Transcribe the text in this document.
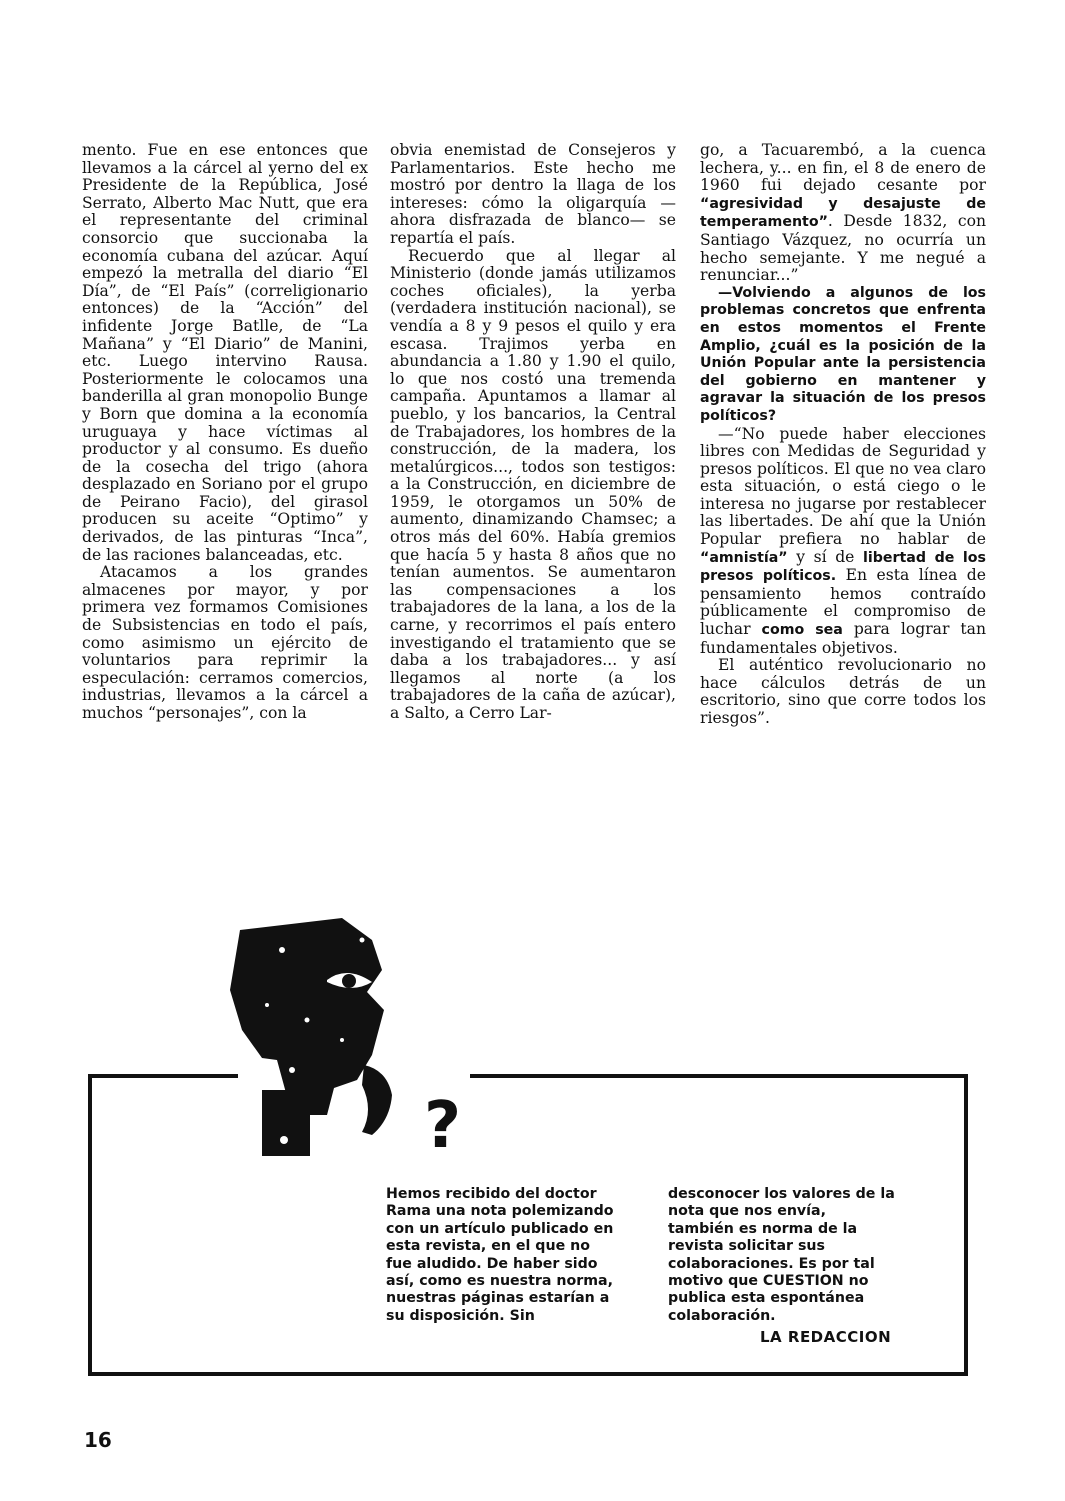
mento. Fue en ese entonces que llevamos a la cárcel al yerno del ex Presidente de la República, José Serrato, Alberto Mac Nutt, que era el representante del criminal consorcio que succionaba la economía cubana del azúcar. Aquí empezó la metralla del diario “El Día”, de “El País” (correligionario entonces) de la “Acción” del infidente Jorge Batlle, de “La Mañana” y “El Diario” de Manini, etc. Luego intervino Rausa. Posteriormente le colocamos una banderilla al gran monopolio Bunge y Born que domina a la economía uruguaya y hace víctimas al productor y al consumo. Es dueño de la cosecha del trigo (ahora desplazado en Soriano por el grupo de Peirano Facio), del girasol producen su aceite “Optimo” y derivados, de las pinturas “Inca”, de las raciones balanceadas, etc.

Atacamos a los grandes almacenes por mayor, y por primera vez formamos Comisiones de Subsistencias en todo el país, como asimismo un ejército de voluntarios para reprimir la especulación: cerramos comercios, industrias, llevamos a la cárcel a muchos “personajes”, con la

obvia enemistad de Consejeros y Parlamentarios. Este hecho me mostró por dentro la llaga de los intereses: cómo la oligarquía —ahora disfrazada de blanco— se repartía el país.

Recuerdo que al llegar al Ministerio (donde jamás utilizamos coches oficiales), la yerba (verdadera institución nacional), se vendía a 8 y 9 pesos el quilo y era escasa. Trajimos yerba en abundancia a 1.80 y 1.90 el quilo, lo que nos costó una tremenda campaña. Apuntamos a llamar al pueblo, y los bancarios, la Central de Trabajadores, los hombres de la construcción, de la madera, los metalúrgicos..., todos son testigos: a la Construcción, en diciembre de 1959, le otorgamos un 50% de aumento, dinamizando Chamsec; a otros más del 60%. Había gremios que hacía 5 y hasta 8 años que no tenían aumentos. Se aumentaron las compensaciones a los trabajadores de la lana, a los de la carne, y recorrimos el país entero investigando el tratamiento que se daba a los trabajadores... y así llegamos al norte (a los trabajadores de la caña de azúcar), a Salto, a Cerro Lar-

go, a Tacuarembó, a la cuenca lechera, y... en fin, el 8 de enero de 1960 fui dejado cesante por “agresividad y desajuste de temperamento”. Desde 1832, con Santiago Vázquez, no ocurría un hecho semejante. Y me negué a renunciar...”

—Volviendo a algunos de los problemas concretos que enfrenta en estos momentos el Frente Amplio, ¿cuál es la posición de la Unión Popular ante la persistencia del gobierno en mantener y agravar la situación de los presos políticos?

—“No puede haber elecciones libres con Medidas de Seguridad y presos políticos. El que no vea claro esta situación, o está ciego o le interesa no jugarse por restablecer las libertades. De ahí que la Unión Popular prefiera no hablar de “amnistía” y sí de libertad de los presos políticos. En esta línea de pensamiento hemos contraído públicamente el compromiso de luchar como sea para lograr tan fundamentales objetivos.

El auténtico revolucionario no hace cálculos detrás de un escritorio, sino que corre todos los riesgos”.

?
Hemos recibido del doctor Rama una nota polemizando con un artículo publicado en esta revista, en el que no fue aludido. De haber sido así, como es nuestra norma, nuestras páginas estarían a su disposición. Sin
desconocer los valores de la nota que nos envía, también es norma de la revista solicitar sus colaboraciones. Es por tal motivo que CUESTION no publica esta espontánea colaboración.
LA REDACCION
16
